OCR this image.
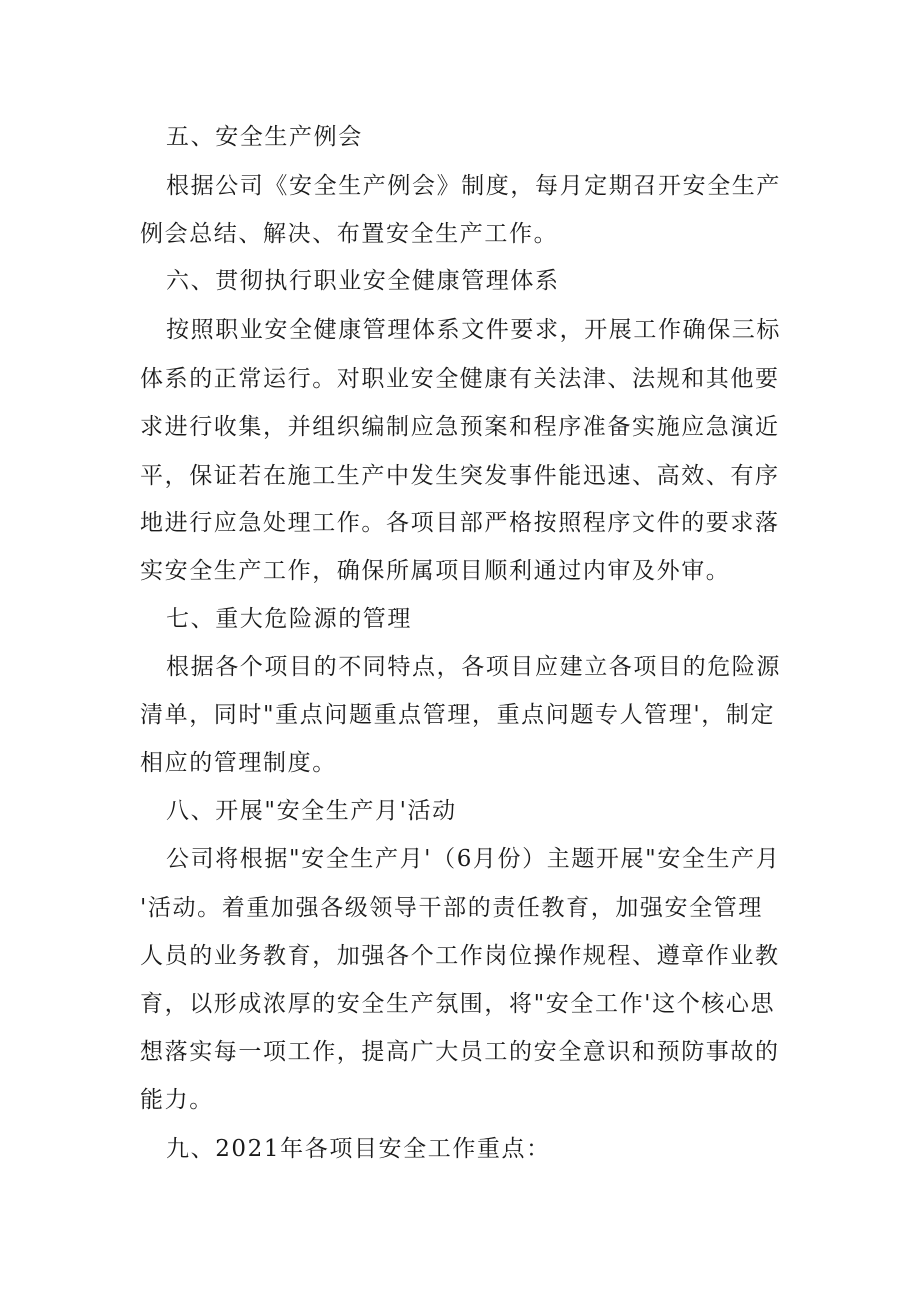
五、安全生产例会
根据公司《安全生产例会》制度，每月定期召开安全生产
例会总结、解决、布置安全生产工作。
六、贯彻执行职业安全健康管理体系
按照职业安全健康管理体系文件要求，开展工作确保三标
体系的正常运行。对职业安全健康有关法津、法规和其他要
求进行收集，并组织编制应急预案和程序准备实施应急演近
平，保证若在施工生产中发生突发事件能迅速、高效、有序
地进行应急处理工作。各项目部严格按照程序文件的要求落
实安全生产工作，确保所属项目顺利通过内审及外审。
七、重大危险源的管理
根据各个项目的不同特点，各项目应建立各项目的危险源
清单，同时"重点问题重点管理，重点问题专人管理'，制定
相应的管理制度。
八、开展"安全生产月'活动
公司将根据"安全生产月'（6月份）主题开展"安全生产月
'活动。着重加强各级领导干部的责任教育，加强安全管理
人员的业务教育，加强各个工作岗位操作规程、遵章作业教
育，以形成浓厚的安全生产氛围，将"安全工作'这个核心思
想落实每一项工作，提高广大员工的安全意识和预防事故的
能力。
九、2021年各项目安全工作重点：
